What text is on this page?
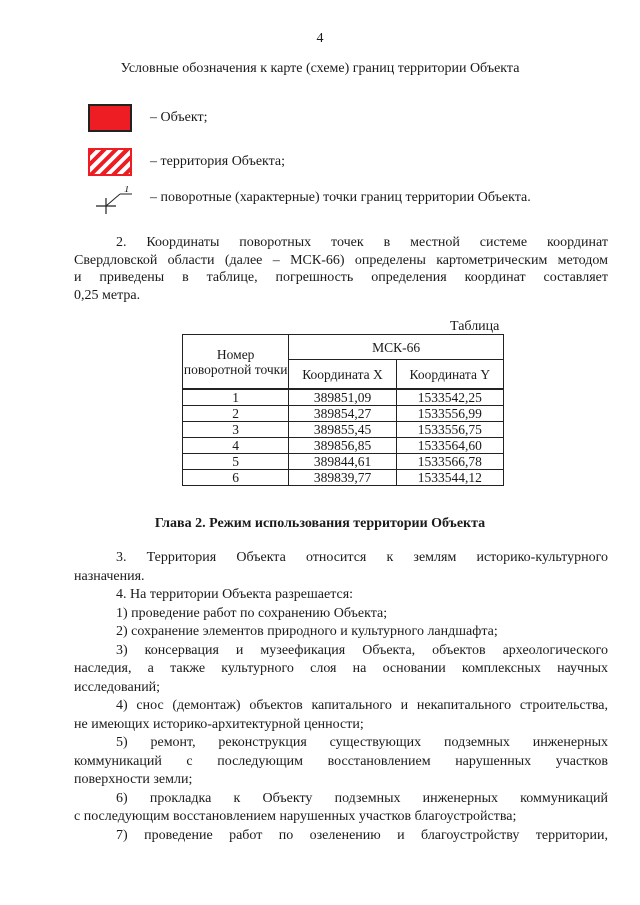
4
Условные обозначения к карте (схеме) границ территории Объекта
– Объект;
– территория Объекта;
1
– поворотные (характерные) точки границ территории Объекта.
2. Координаты поворотных точек в местной системе координат
Свердловской области (далее – МСК-66) определены картометрическим методом
и приведены в таблице, погрешность определения координат составляет
0,25 метра.
Таблица
Номер поворотной точки	МСК-66	
	Координата X	Координата Y
1	389851,09	1533542,25
2	389854,27	1533556,99
3	389855,45	1533556,75
4	389856,85	1533564,60
5	389844,61	1533566,78
6	389839,77	1533544,12
Глава 2. Режим использования территории Объекта
3. Территория Объекта относится к землям историко-культурного
назначения.
4. На территории Объекта разрешается:
1) проведение работ по сохранению Объекта;
2) сохранение элементов природного и культурного ландшафта;
3) консервация и музеефикация Объекта, объектов археологического
наследия, а также культурного слоя на основании комплексных научных
исследований;
4) снос (демонтаж) объектов капитального и некапитального строительства,
не имеющих историко-архитектурной ценности;
5) ремонт, реконструкция существующих подземных инженерных
коммуникаций с последующим восстановлением нарушенных участков
поверхности земли;
6) прокладка к Объекту подземных инженерных коммуникаций
с последующим восстановлением нарушенных участков благоустройства;
7) проведение работ по озеленению и благоустройству территории,
